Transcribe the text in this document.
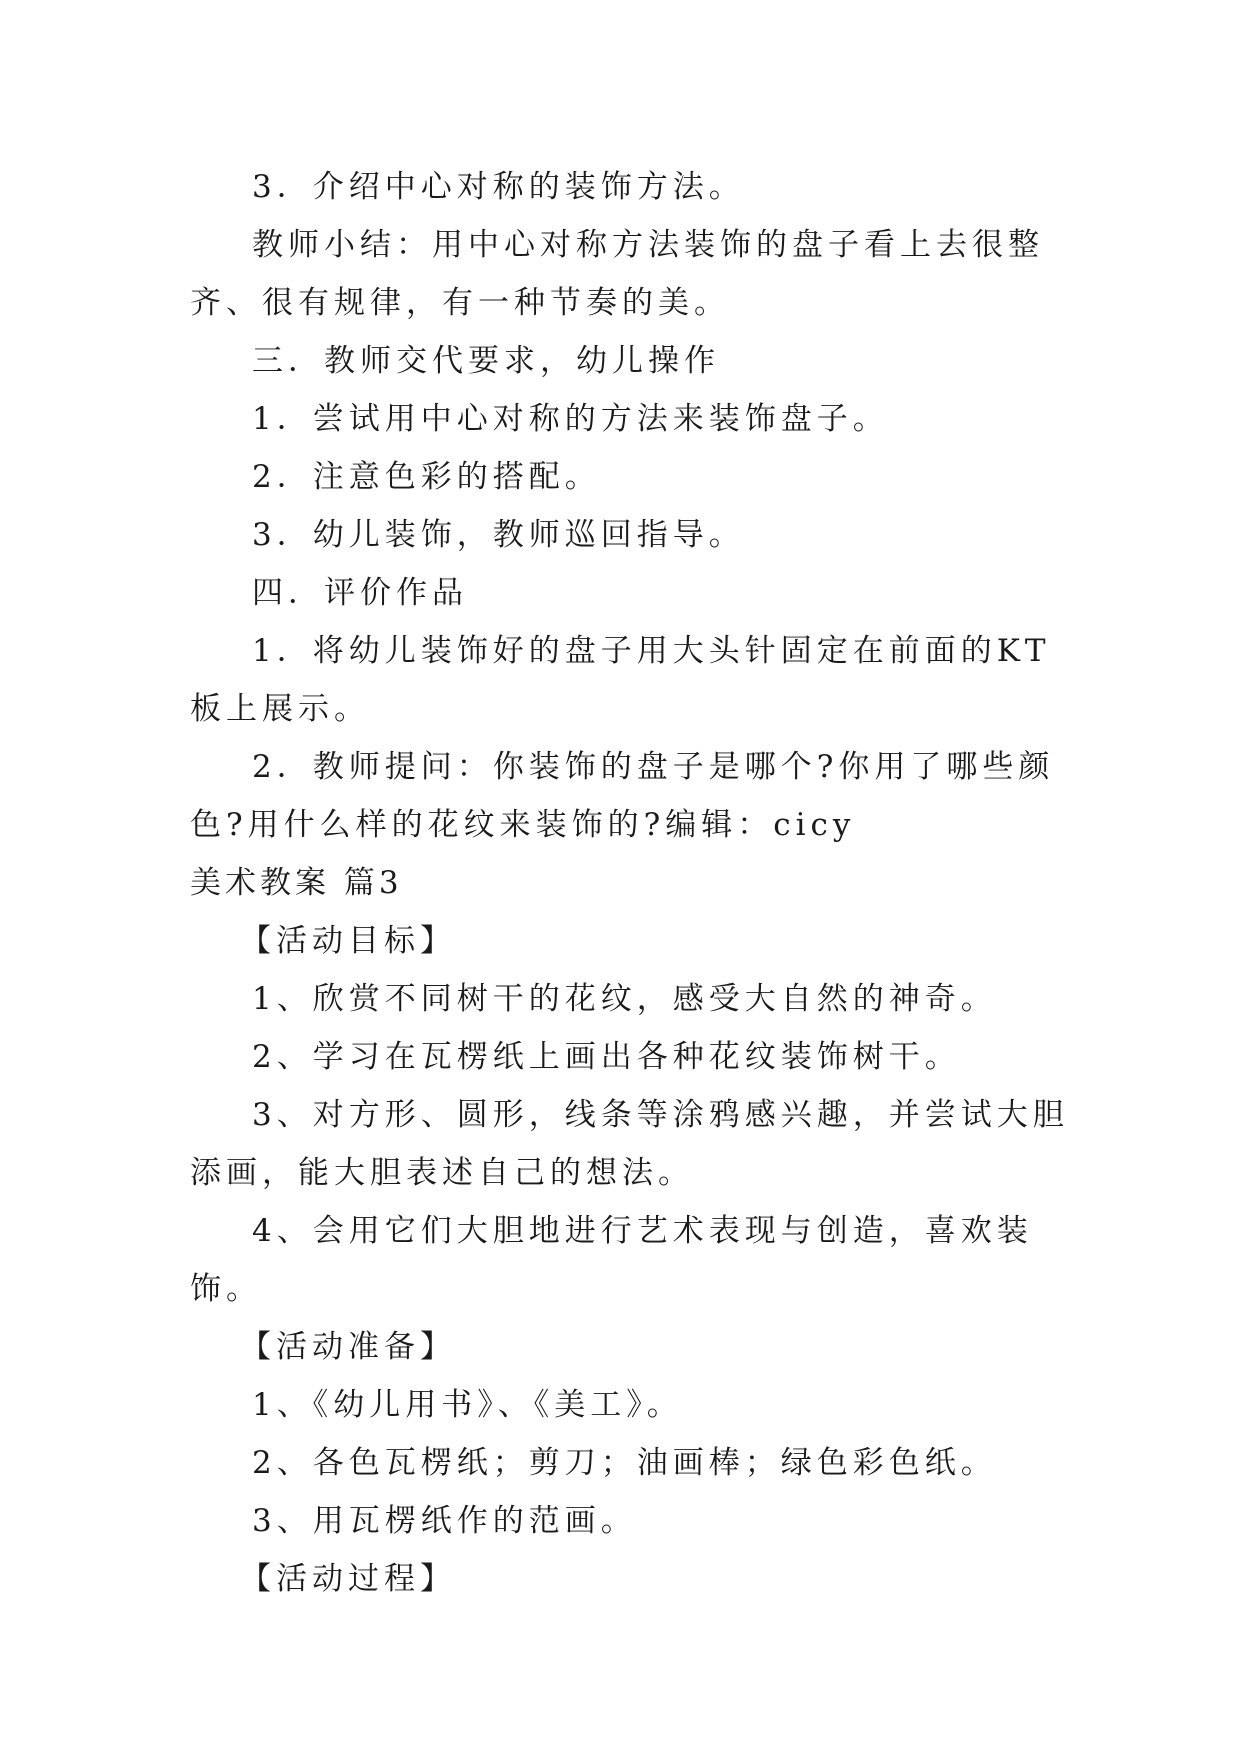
3．介绍中心对称的装饰方法。

教师小结：用中心对称方法装饰的盘子看上去很整齐、很有规律，有一种节奏的美。

三．教师交代要求，幼儿操作

1．尝试用中心对称的方法来装饰盘子。

2．注意色彩的搭配。

3．幼儿装饰，教师巡回指导。

四．评价作品

1．将幼儿装饰好的盘子用大头针固定在前面的KT板上展示。

2．教师提问：你装饰的盘子是哪个?你用了哪些颜色?用什么样的花纹来装饰的?编辑：cicy

美术教案 篇3

【活动目标】

1、欣赏不同树干的花纹，感受大自然的神奇。

2、学习在瓦楞纸上画出各种花纹装饰树干。

3、对方形、圆形，线条等涂鸦感兴趣，并尝试大胆添画，能大胆表述自己的想法。

4、会用它们大胆地进行艺术表现与创造，喜欢装饰。

【活动准备】

1、《幼儿用书》、《美工》。

2、各色瓦楞纸；剪刀；油画棒；绿色彩色纸。

3、用瓦楞纸作的范画。

【活动过程】
